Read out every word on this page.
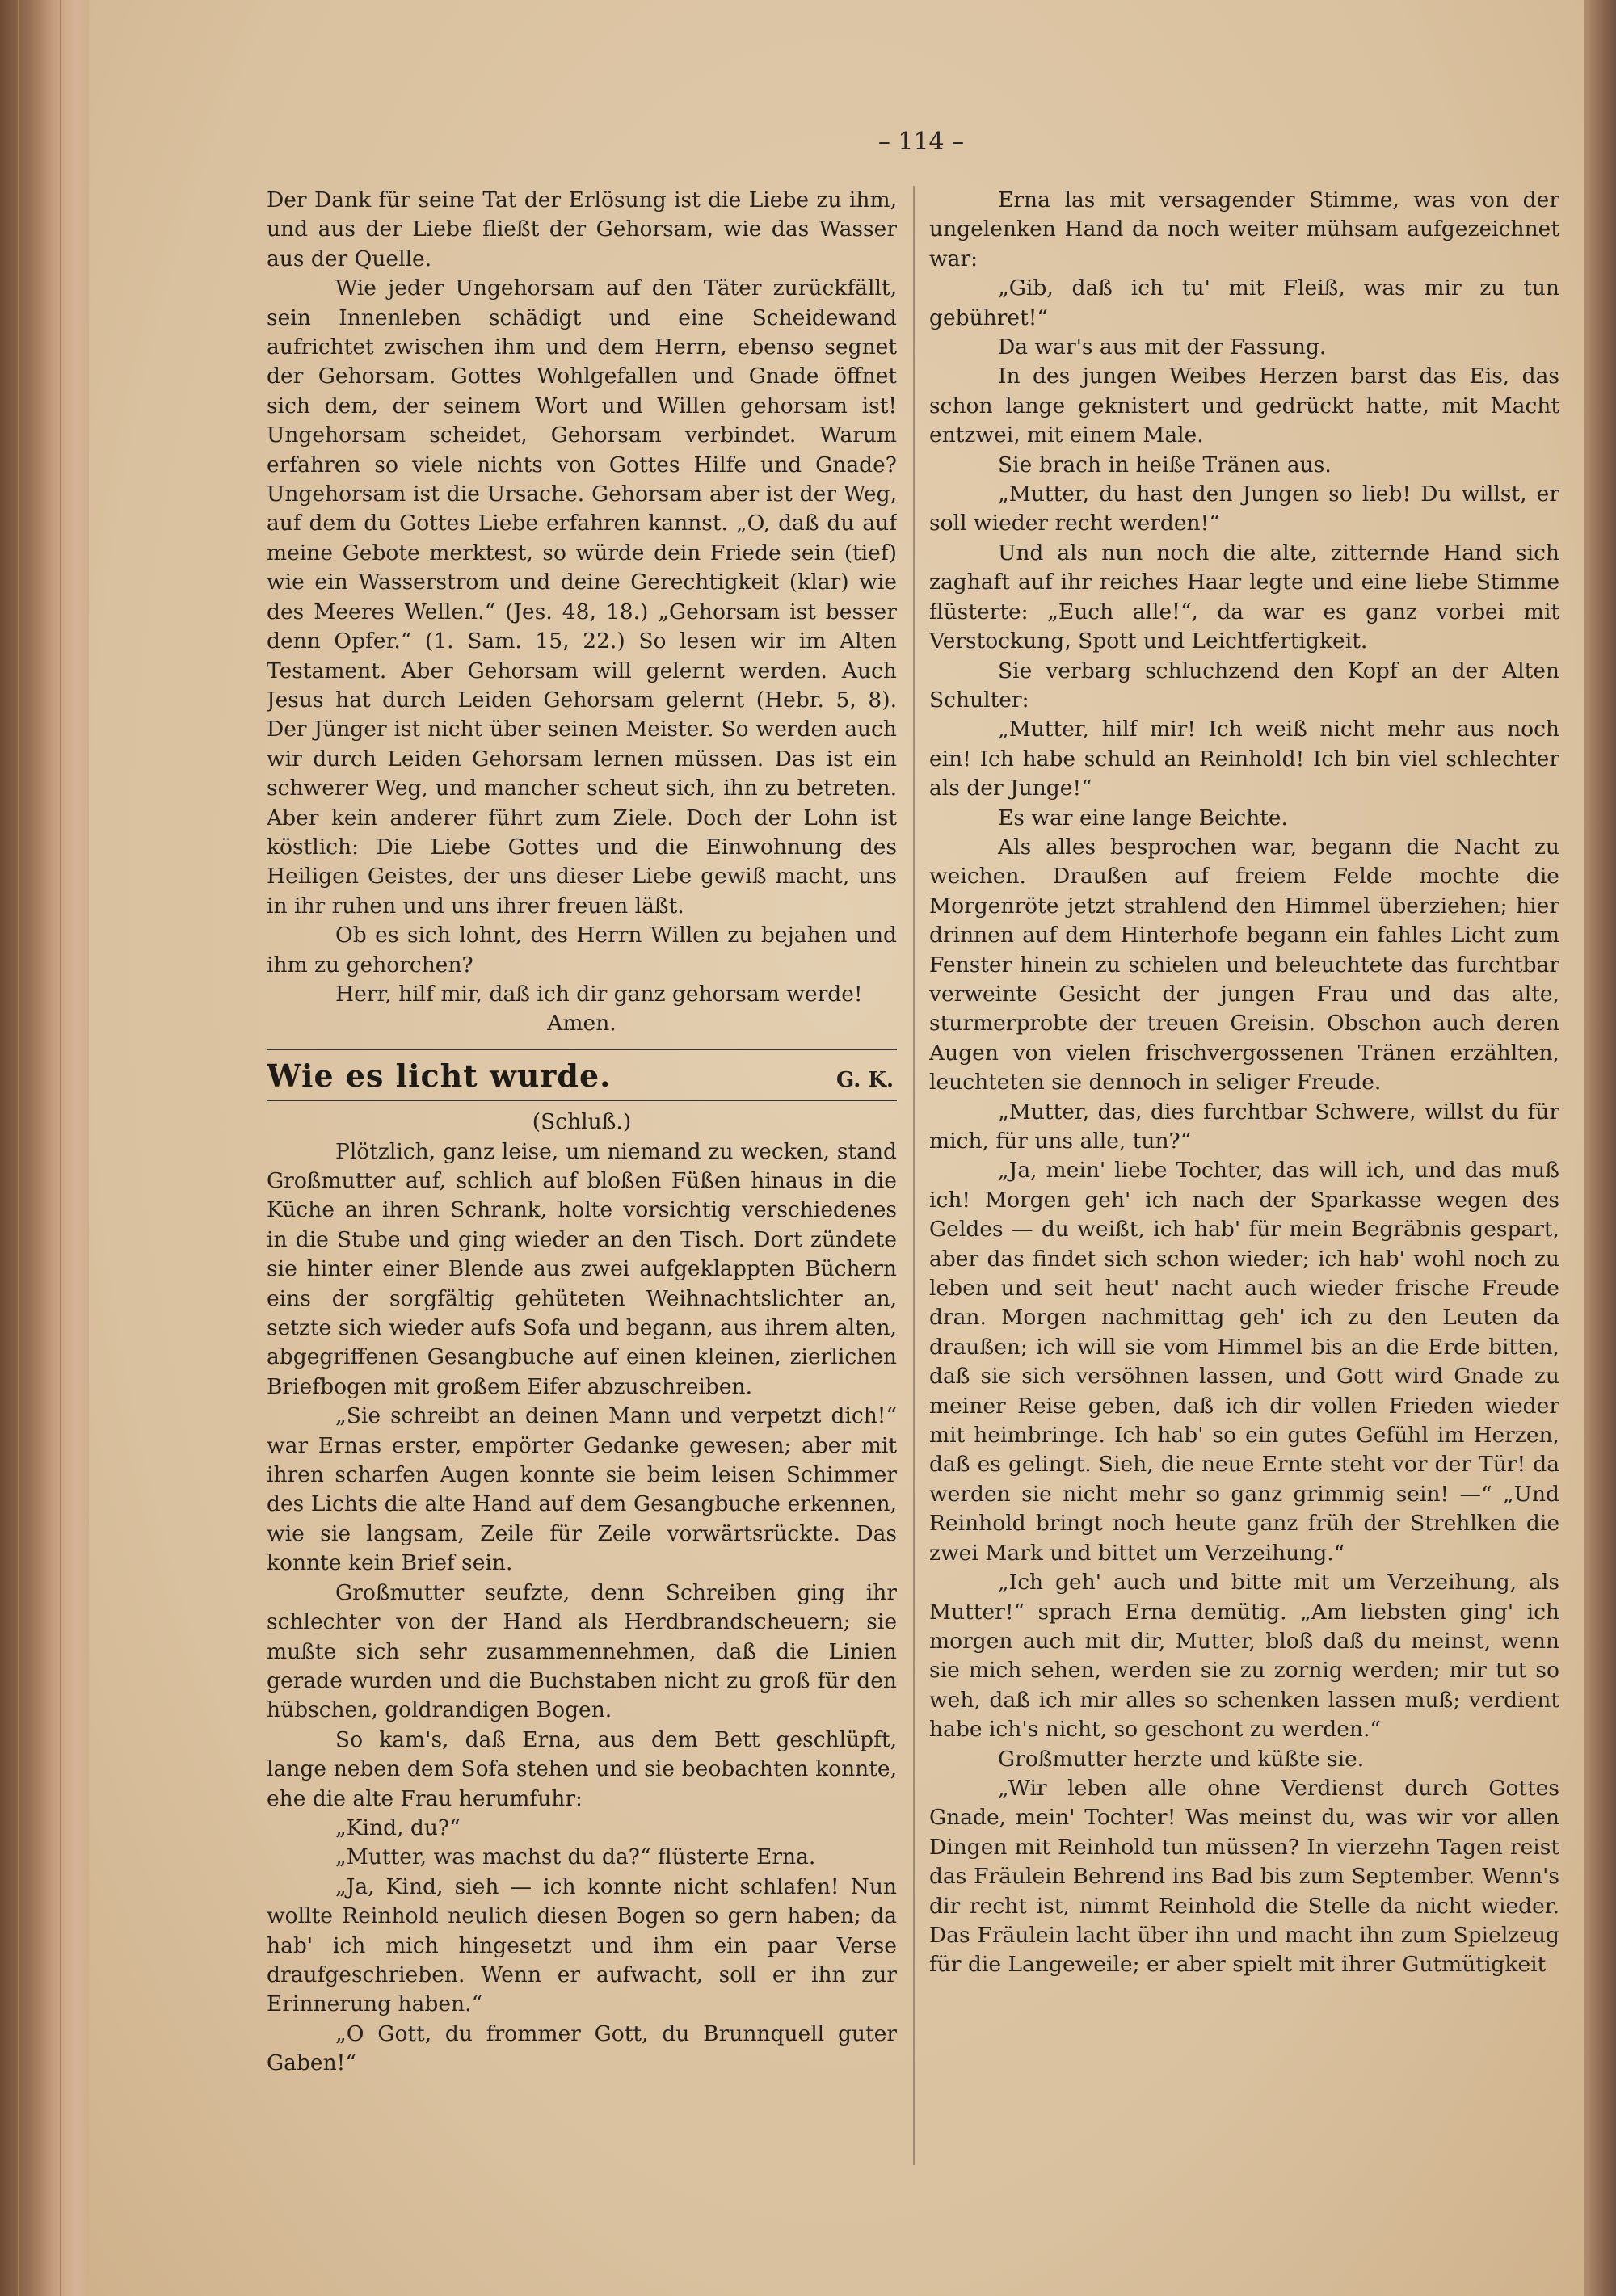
– 114 –

Der Dank für seine Tat der Erlösung ist die Liebe zu ihm, und aus der Liebe fließt der Gehorsam, wie das Wasser aus der Quelle.

Wie jeder Ungehorsam auf den Täter zurückfällt, sein Innenleben schädigt und eine Scheidewand aufrichtet zwischen ihm und dem Herrn, ebenso segnet der Gehorsam. Gottes Wohlgefallen und Gnade öffnet sich dem, der seinem Wort und Willen gehorsam ist! Ungehorsam scheidet, Gehorsam verbindet. Warum erfahren so viele nichts von Gottes Hilfe und Gnade? Ungehorsam ist die Ursache. Gehorsam aber ist der Weg, auf dem du Gottes Liebe erfahren kannst. „O, daß du auf meine Gebote merktest, so würde dein Friede sein (tief) wie ein Wasserstrom und deine Gerechtigkeit (klar) wie des Meeres Wellen.“ (Jes. 48, 18.) „Gehorsam ist besser denn Opfer.“ (1. Sam. 15, 22.) So lesen wir im Alten Testament. Aber Gehorsam will gelernt werden. Auch Jesus hat durch Leiden Gehorsam gelernt (Hebr. 5, 8). Der Jünger ist nicht über seinen Meister. So werden auch wir durch Leiden Gehorsam lernen müssen. Das ist ein schwerer Weg, und mancher scheut sich, ihn zu betreten. Aber kein anderer führt zum Ziele. Doch der Lohn ist köstlich: Die Liebe Gottes und die Einwohnung des Heiligen Geistes, der uns dieser Liebe gewiß macht, uns in ihr ruhen und uns ihrer freuen läßt.

Ob es sich lohnt, des Herrn Willen zu bejahen und ihm zu gehorchen?

Herr, hilf mir, daß ich dir ganz gehorsam werde!

Amen.

Wie es licht wurde.	G. K.

(Schluß.)

Plötzlich, ganz leise, um niemand zu wecken, stand Großmutter auf, schlich auf bloßen Füßen hinaus in die Küche an ihren Schrank, holte vorsichtig verschiedenes in die Stube und ging wieder an den Tisch. Dort zündete sie hinter einer Blende aus zwei aufgeklappten Büchern eins der sorgfältig gehüteten Weihnachtslichter an, setzte sich wieder aufs Sofa und begann, aus ihrem alten, abgegriffenen Gesangbuche auf einen kleinen, zierlichen Briefbogen mit großem Eifer abzuschreiben.

„Sie schreibt an deinen Mann und verpetzt dich!“ war Ernas erster, empörter Gedanke gewesen; aber mit ihren scharfen Augen konnte sie beim leisen Schimmer des Lichts die alte Hand auf dem Gesangbuche erkennen, wie sie langsam, Zeile für Zeile vorwärtsrückte. Das konnte kein Brief sein.

Großmutter seufzte, denn Schreiben ging ihr schlechter von der Hand als Herdbrandscheuern; sie mußte sich sehr zusammennehmen, daß die Linien gerade wurden und die Buchstaben nicht zu groß für den hübschen, goldrandigen Bogen.

So kam's, daß Erna, aus dem Bett geschlüpft, lange neben dem Sofa stehen und sie beobachten konnte, ehe die alte Frau herumfuhr:

„Kind, du?“

„Mutter, was machst du da?“ flüsterte Erna.

„Ja, Kind, sieh — ich konnte nicht schlafen! Nun wollte Reinhold neulich diesen Bogen so gern haben; da hab' ich mich hingesetzt und ihm ein paar Verse draufgeschrieben. Wenn er aufwacht, soll er ihn zur Erinnerung haben.“

„O Gott, du frommer Gott, du Brunnquell guter Gaben!“

Erna las mit versagender Stimme, was von der ungelenken Hand da noch weiter mühsam aufgezeichnet war:

„Gib, daß ich tu' mit Fleiß, was mir zu tun gebühret!“

Da war's aus mit der Fassung.

In des jungen Weibes Herzen barst das Eis, das schon lange geknistert und gedrückt hatte, mit Macht entzwei, mit einem Male.

Sie brach in heiße Tränen aus.

„Mutter, du hast den Jungen so lieb! Du willst, er soll wieder recht werden!“

Und als nun noch die alte, zitternde Hand sich zaghaft auf ihr reiches Haar legte und eine liebe Stimme flüsterte: „Euch alle!“, da war es ganz vorbei mit Verstockung, Spott und Leichtfertigkeit.

Sie verbarg schluchzend den Kopf an der Alten Schulter:

„Mutter, hilf mir! Ich weiß nicht mehr aus noch ein! Ich habe schuld an Reinhold! Ich bin viel schlechter als der Junge!“

Es war eine lange Beichte.

Als alles besprochen war, begann die Nacht zu weichen. Draußen auf freiem Felde mochte die Morgenröte jetzt strahlend den Himmel überziehen; hier drinnen auf dem Hinterhofe begann ein fahles Licht zum Fenster hinein zu schielen und beleuchtete das furchtbar verweinte Gesicht der jungen Frau und das alte, sturmerprobte der treuen Greisin. Obschon auch deren Augen von vielen frischvergossenen Tränen erzählten, leuchteten sie dennoch in seliger Freude.

„Mutter, das, dies furchtbar Schwere, willst du für mich, für uns alle, tun?“

„Ja, mein' liebe Tochter, das will ich, und das muß ich! Morgen geh' ich nach der Sparkasse wegen des Geldes — du weißt, ich hab' für mein Begräbnis gespart, aber das findet sich schon wieder; ich hab' wohl noch zu leben und seit heut' nacht auch wieder frische Freude dran. Morgen nachmittag geh' ich zu den Leuten da draußen; ich will sie vom Himmel bis an die Erde bitten, daß sie sich versöhnen lassen, und Gott wird Gnade zu meiner Reise geben, daß ich dir vollen Frieden wieder mit heimbringe. Ich hab' so ein gutes Gefühl im Herzen, daß es gelingt. Sieh, die neue Ernte steht vor der Tür! da werden sie nicht mehr so ganz grimmig sein! —“ „Und Reinhold bringt noch heute ganz früh der Strehlken die zwei Mark und bittet um Verzeihung.“

„Ich geh' auch und bitte mit um Verzeihung, als Mutter!“ sprach Erna demütig. „Am liebsten ging' ich morgen auch mit dir, Mutter, bloß daß du meinst, wenn sie mich sehen, werden sie zu zornig werden; mir tut so weh, daß ich mir alles so schenken lassen muß; verdient habe ich's nicht, so geschont zu werden.“

Großmutter herzte und küßte sie.

„Wir leben alle ohne Verdienst durch Gottes Gnade, mein' Tochter! Was meinst du, was wir vor allen Dingen mit Reinhold tun müssen? In vierzehn Tagen reist das Fräulein Behrend ins Bad bis zum September. Wenn's dir recht ist, nimmt Reinhold die Stelle da nicht wieder. Das Fräulein lacht über ihn und macht ihn zum Spielzeug für die Langeweile; er aber spielt mit ihrer Gutmütigkeit
